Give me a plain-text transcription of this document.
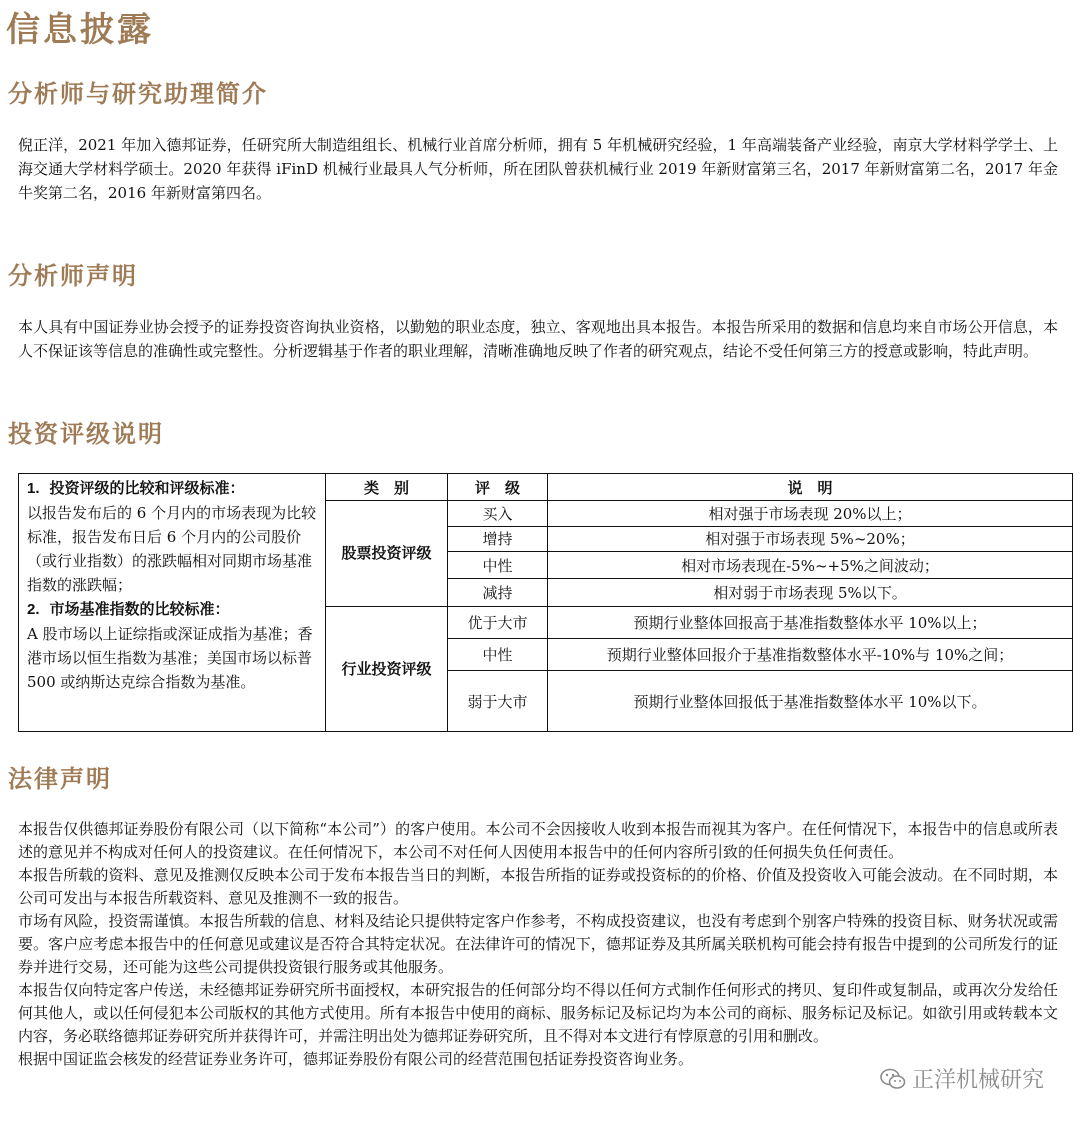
信息披露
分析师与研究助理简介

倪正洋，2021 年加入德邦证券，任研究所大制造组组长、机械行业首席分析师，拥有 5 年机械研究经验，1 年高端装备产业经验，南京大学材料学学士、上海交通大学材料学硕士。2020 年获得 iFinD 机械行业最具人气分析师，所在团队曾获机械行业 2019 年新财富第三名，2017 年新财富第二名，2017 年金牛奖第二名，2016 年新财富第四名。

分析师声明

本人具有中国证券业协会授予的证券投资咨询执业资格，以勤勉的职业态度，独立、客观地出具本报告。本报告所采用的数据和信息均来自市场公开信息，本人不保证该等信息的准确性或完整性。分析逻辑基于作者的职业理解，清晰准确地反映了作者的研究观点，结论不受任何第三方的授意或影响，特此声明。

投资评级说明
1. 投资评级的比较和评级标准：
以报告发布后的 6 个月内的市场表现为比较标准，报告发布日后 6 个月内的公司股价（或行业指数）的涨跌幅相对同期市场基准指数的涨跌幅；
2. 市场基准指数的比较标准：
A 股市场以上证综指或深证成指为基准；香港市场以恒生指数为基准；美国市场以标普 500 或纳斯达克综合指数为基准。	类　别	评　级	说　明
	股票投资评级	买入	相对强于市场表现 20%以上；
		增持	相对强于市场表现 5%~20%；
		中性	相对市场表现在-5%~+5%之间波动；
		减持	相对弱于市场表现 5%以下。
	行业投资评级	优于大市	预期行业整体回报高于基准指数整体水平 10%以上；
		中性	预期行业整体回报介于基准指数整体水平-10%与 10%之间；
		弱于大市	预期行业整体回报低于基准指数整体水平 10%以下。
法律声明

本报告仅供德邦证券股份有限公司（以下简称“本公司”）的客户使用。本公司不会因接收人收到本报告而视其为客户。在任何情况下，本报告中的信息或所表述的意见并不构成对任何人的投资建议。在任何情况下，本公司不对任何人因使用本报告中的任何内容所引致的任何损失负任何责任。

本报告所载的资料、意见及推测仅反映本公司于发布本报告当日的判断，本报告所指的证券或投资标的的价格、价值及投资收入可能会波动。在不同时期，本公司可发出与本报告所载资料、意见及推测不一致的报告。

市场有风险，投资需谨慎。本报告所载的信息、材料及结论只提供特定客户作参考，不构成投资建议，也没有考虑到个别客户特殊的投资目标、财务状况或需要。客户应考虑本报告中的任何意见或建议是否符合其特定状况。在法律许可的情况下，德邦证券及其所属关联机构可能会持有报告中提到的公司所发行的证券并进行交易，还可能为这些公司提供投资银行服务或其他服务。

本报告仅向特定客户传送，未经德邦证券研究所书面授权，本研究报告的任何部分均不得以任何方式制作任何形式的拷贝、复印件或复制品，或再次分发给任何其他人，或以任何侵犯本公司版权的其他方式使用。所有本报告中使用的商标、服务标记及标记均为本公司的商标、服务标记及标记。如欲引用或转载本文内容，务必联络德邦证券研究所并获得许可，并需注明出处为德邦证券研究所，且不得对本文进行有悖原意的引用和删改。

根据中国证监会核发的经营证券业务许可，德邦证券股份有限公司的经营范围包括证券投资咨询业务。

正洋机械研究
